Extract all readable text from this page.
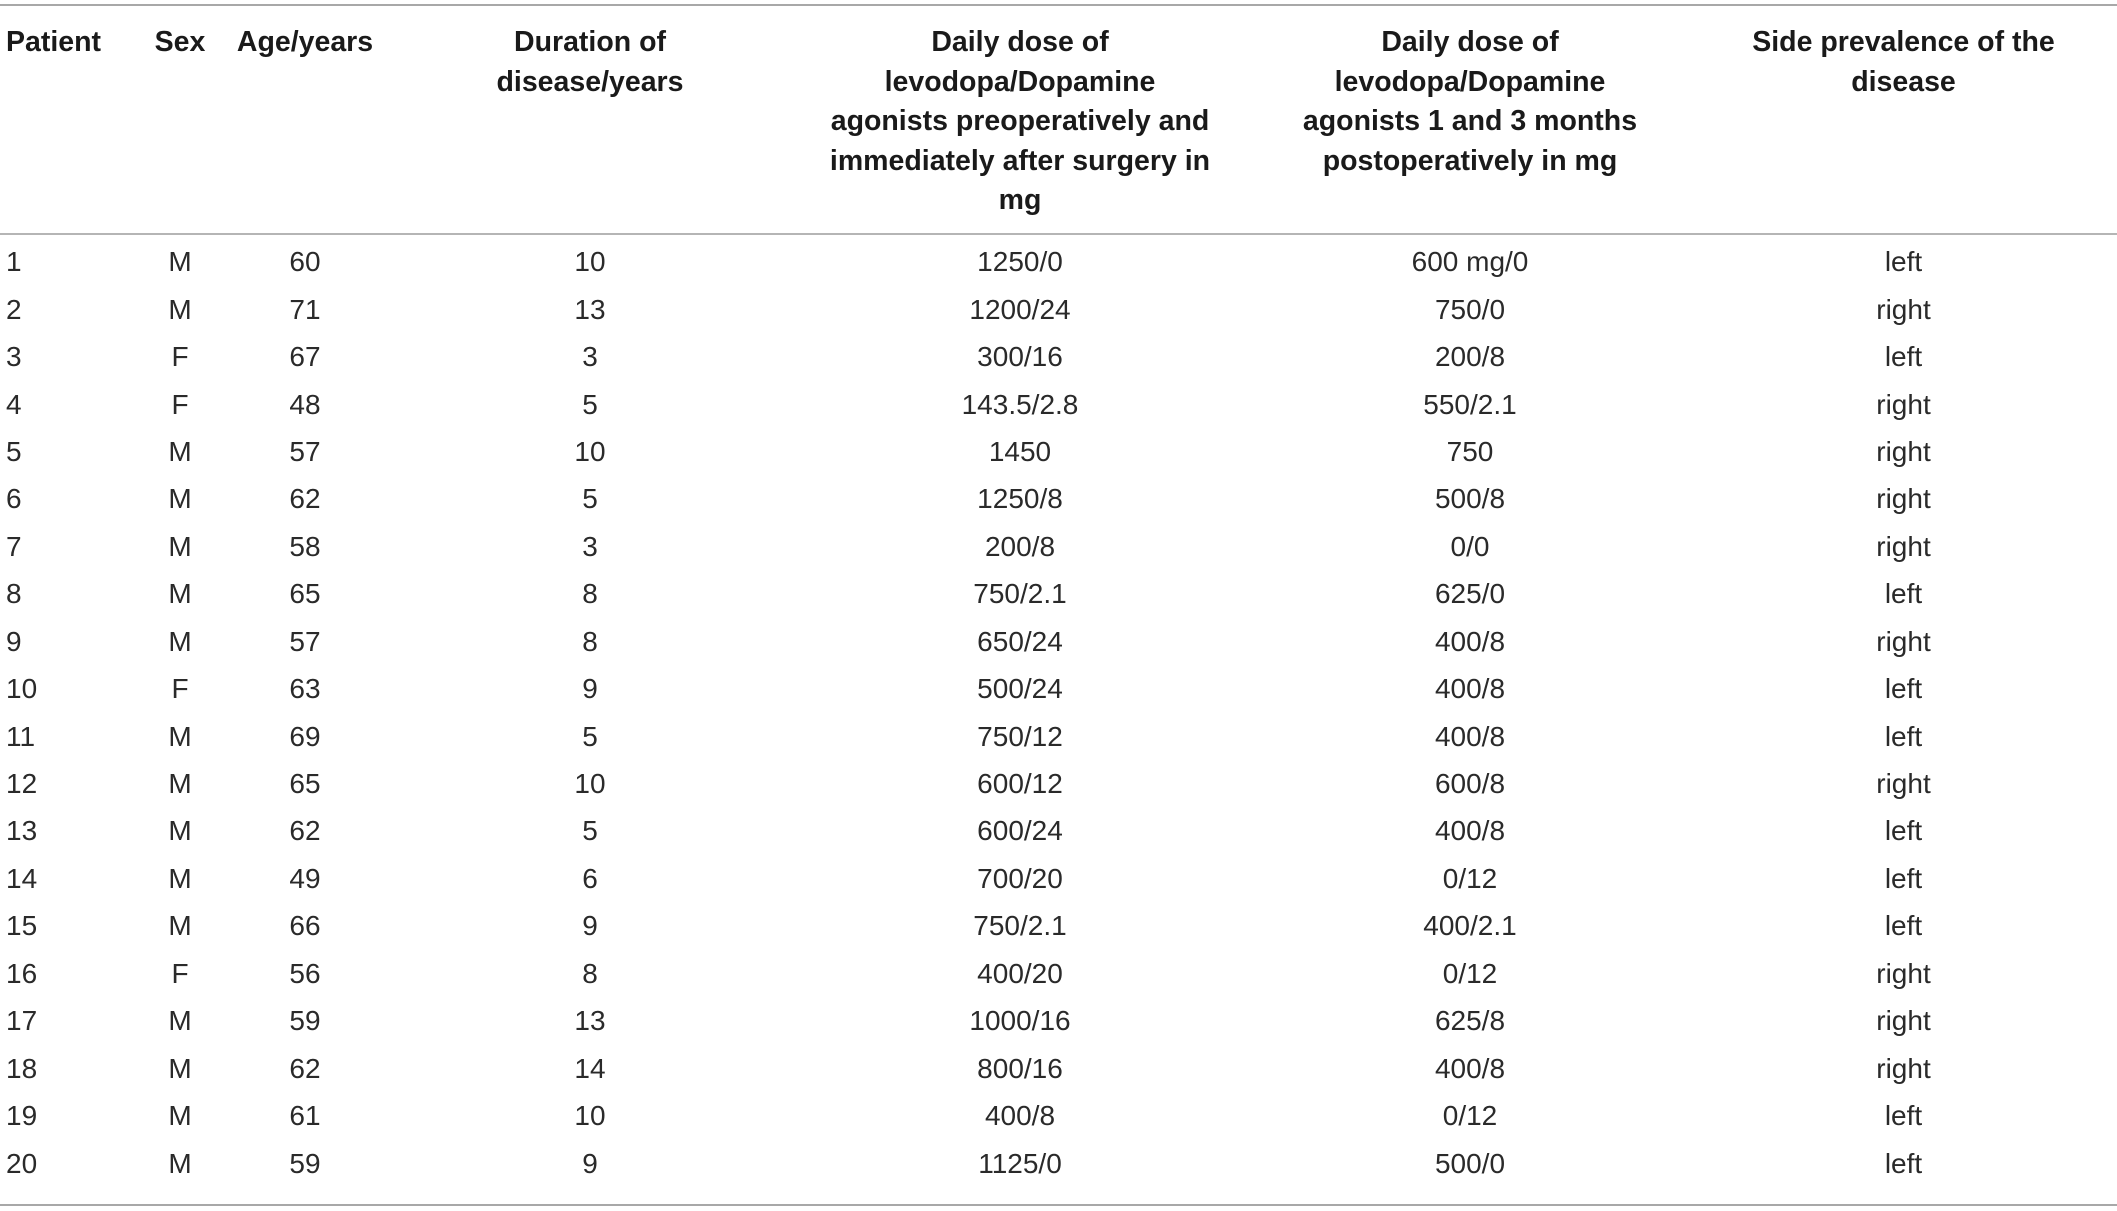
Patient	Sex	Age/years	Duration of
disease/years	Daily dose of
levodopa/Dopamine
agonists preoperatively and
immediately after surgery in
mg	Daily dose of
levodopa/Dopamine
agonists 1 and 3 months
postoperatively in mg	Side prevalence of the
disease

1	M	60	10	1250/0	600 mg/0	left
2	M	71	13	1200/24	750/0	right
3	F	67	3	300/16	200/8	left
4	F	48	5	143.5/2.8	550/2.1	right
5	M	57	10	1450	750	right
6	M	62	5	1250/8	500/8	right
7	M	58	3	200/8	0/0	right
8	M	65	8	750/2.1	625/0	left
9	M	57	8	650/24	400/8	right
10	F	63	9	500/24	400/8	left
11	M	69	5	750/12	400/8	left
12	M	65	10	600/12	600/8	right
13	M	62	5	600/24	400/8	left
14	M	49	6	700/20	0/12	left
15	M	66	9	750/2.1	400/2.1	left
16	F	56	8	400/20	0/12	right
17	M	59	13	1000/16	625/8	right
18	M	62	14	800/16	400/8	right
19	M	61	10	400/8	0/12	left
20	M	59	9	1125/0	500/0	left
